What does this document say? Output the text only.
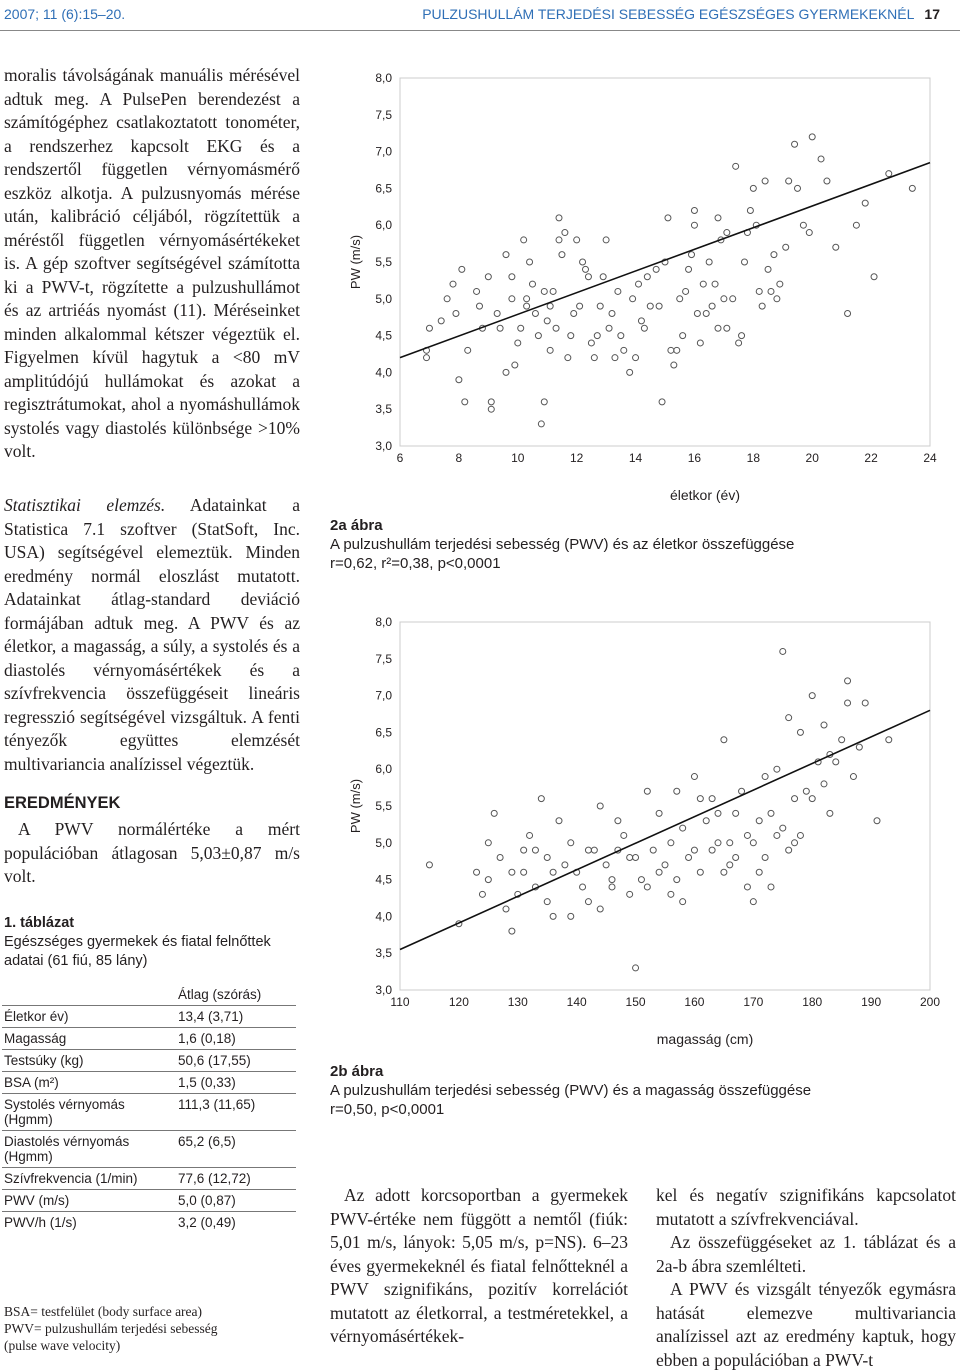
2007; 11 (6):15–20.	PULZUSHULLÁM TERJEDÉSI SEBESSÉG EGÉSZSÉGES GYERMEKEKNÉL 17

moralis távolságának manuális mérésével adtuk meg. A PulsePen berendezést a számítógéphez csatlakoztatott tonométer, a rendszerhez kapcsolt EKG és a rendszertől független vérnyomásmérő eszköz alkotja. A pulzusnyomás mérése után, kalibráció céljából, rögzítettük a méréstől független vérnyomásértékeket is. A gép szoftver segítségével számította ki a PWV-t, rögzítette a pulzushullámot és az artriéás nyomást (11). Méréseinket minden alkalommal kétszer végeztük el. Figyelmen kívül hagytuk a <80 mV amplitúdójú hullámokat és azokat a regisztrátumokat, ahol a nyomáshullámok systolés vagy diastolés különbsége >10% volt.

Statisztikai elemzés. Adatainkat a Statistica 7.1 szoftver (StatSoft, Inc. USA) segítségével elemeztük. Minden eredmény normál eloszlást mutatott. Adatainkat átlag-standard deviáció formájában adtuk meg. A PWV és az életkor, a magasság, a súly, a systolés és a diastolés vérnyomásértékek és a szívfrekvencia összefüggéseit lineáris regresszió segítségével vizsgáltuk. A fenti tényezők együttes elemzését multivariancia analízissel végeztük.

EREDMÉNYEK
A PWV normálértéke a mért populációban átlagosan 5,03±0,87 m/s volt.
1. táblázat
Egészséges gyermekek és fiatal felnőttek adatai (61 fiú, 85 lány)
	Átlag (szórás)
Életkor év)	13,4 (3,71)
Magasság	1,6 (0,18)
Testsúky (kg)	50,6 (17,55)
BSA (m²)	1,5 (0,33)
Systolés vérnyomás (Hgmm)	111,3 (11,65)
Diastolés vérnyomás (Hgmm)	65,2 (6,5)
Szívfrekvencia (1/min)	77,6 (12,72)
PWV (m/s)	5,0 (0,87)
PWV/h (1/s)	3,2 (0,49)
BSA= testfelület (body surface area)
PWV= pulzushullám terjedési sebesség
(pulse wave velocity)
3,0
3,5
4,0
4,5
5,0
5,5
6,0
6,5
7,0
7,5
8,0
6	8	10	12	14	16	18	20	22	24
PW (m/s)
életkor (év)
2a ábra
A pulzushullám terjedési sebesség (PWV) és az életkor összefüggése
r=0,62, r²=0,38, p<0,0001
3,0
3,5
4,0
4,5
5,0
5,5
6,0
6,5
7,0
7,5
8,0
110	120	130	140	150	160	170	180	190	200
PW (m/s)
magasság (cm)
2b ábra
A pulzushullám terjedési sebesség (PWV) és a magasság összefüggése
r=0,50, p<0,0001
Az adott korcsoportban a gyermekek PWV-értéke nem függött a nemtől (fiúk: 5,01 m/s, lányok: 5,05 m/s, p=NS). 6–23 éves gyermekeknél és fiatal felnőtteknél a PWV szignifikáns, pozitív korrelációt mutatott az életkorral, a testméretekkel, a vérnyomásértékek-

kel és negatív szignifikáns kapcsolatot mutatott a szívfrekvenciával.

Az összefüggéseket az 1. táblázat és a 2a-b ábra szemlélteti.

A PWV és vizsgált tényezők egymásra hatását elemezve multivariancia analízissel azt az eredmény kaptuk, hogy ebben a populációban a PWV-t
